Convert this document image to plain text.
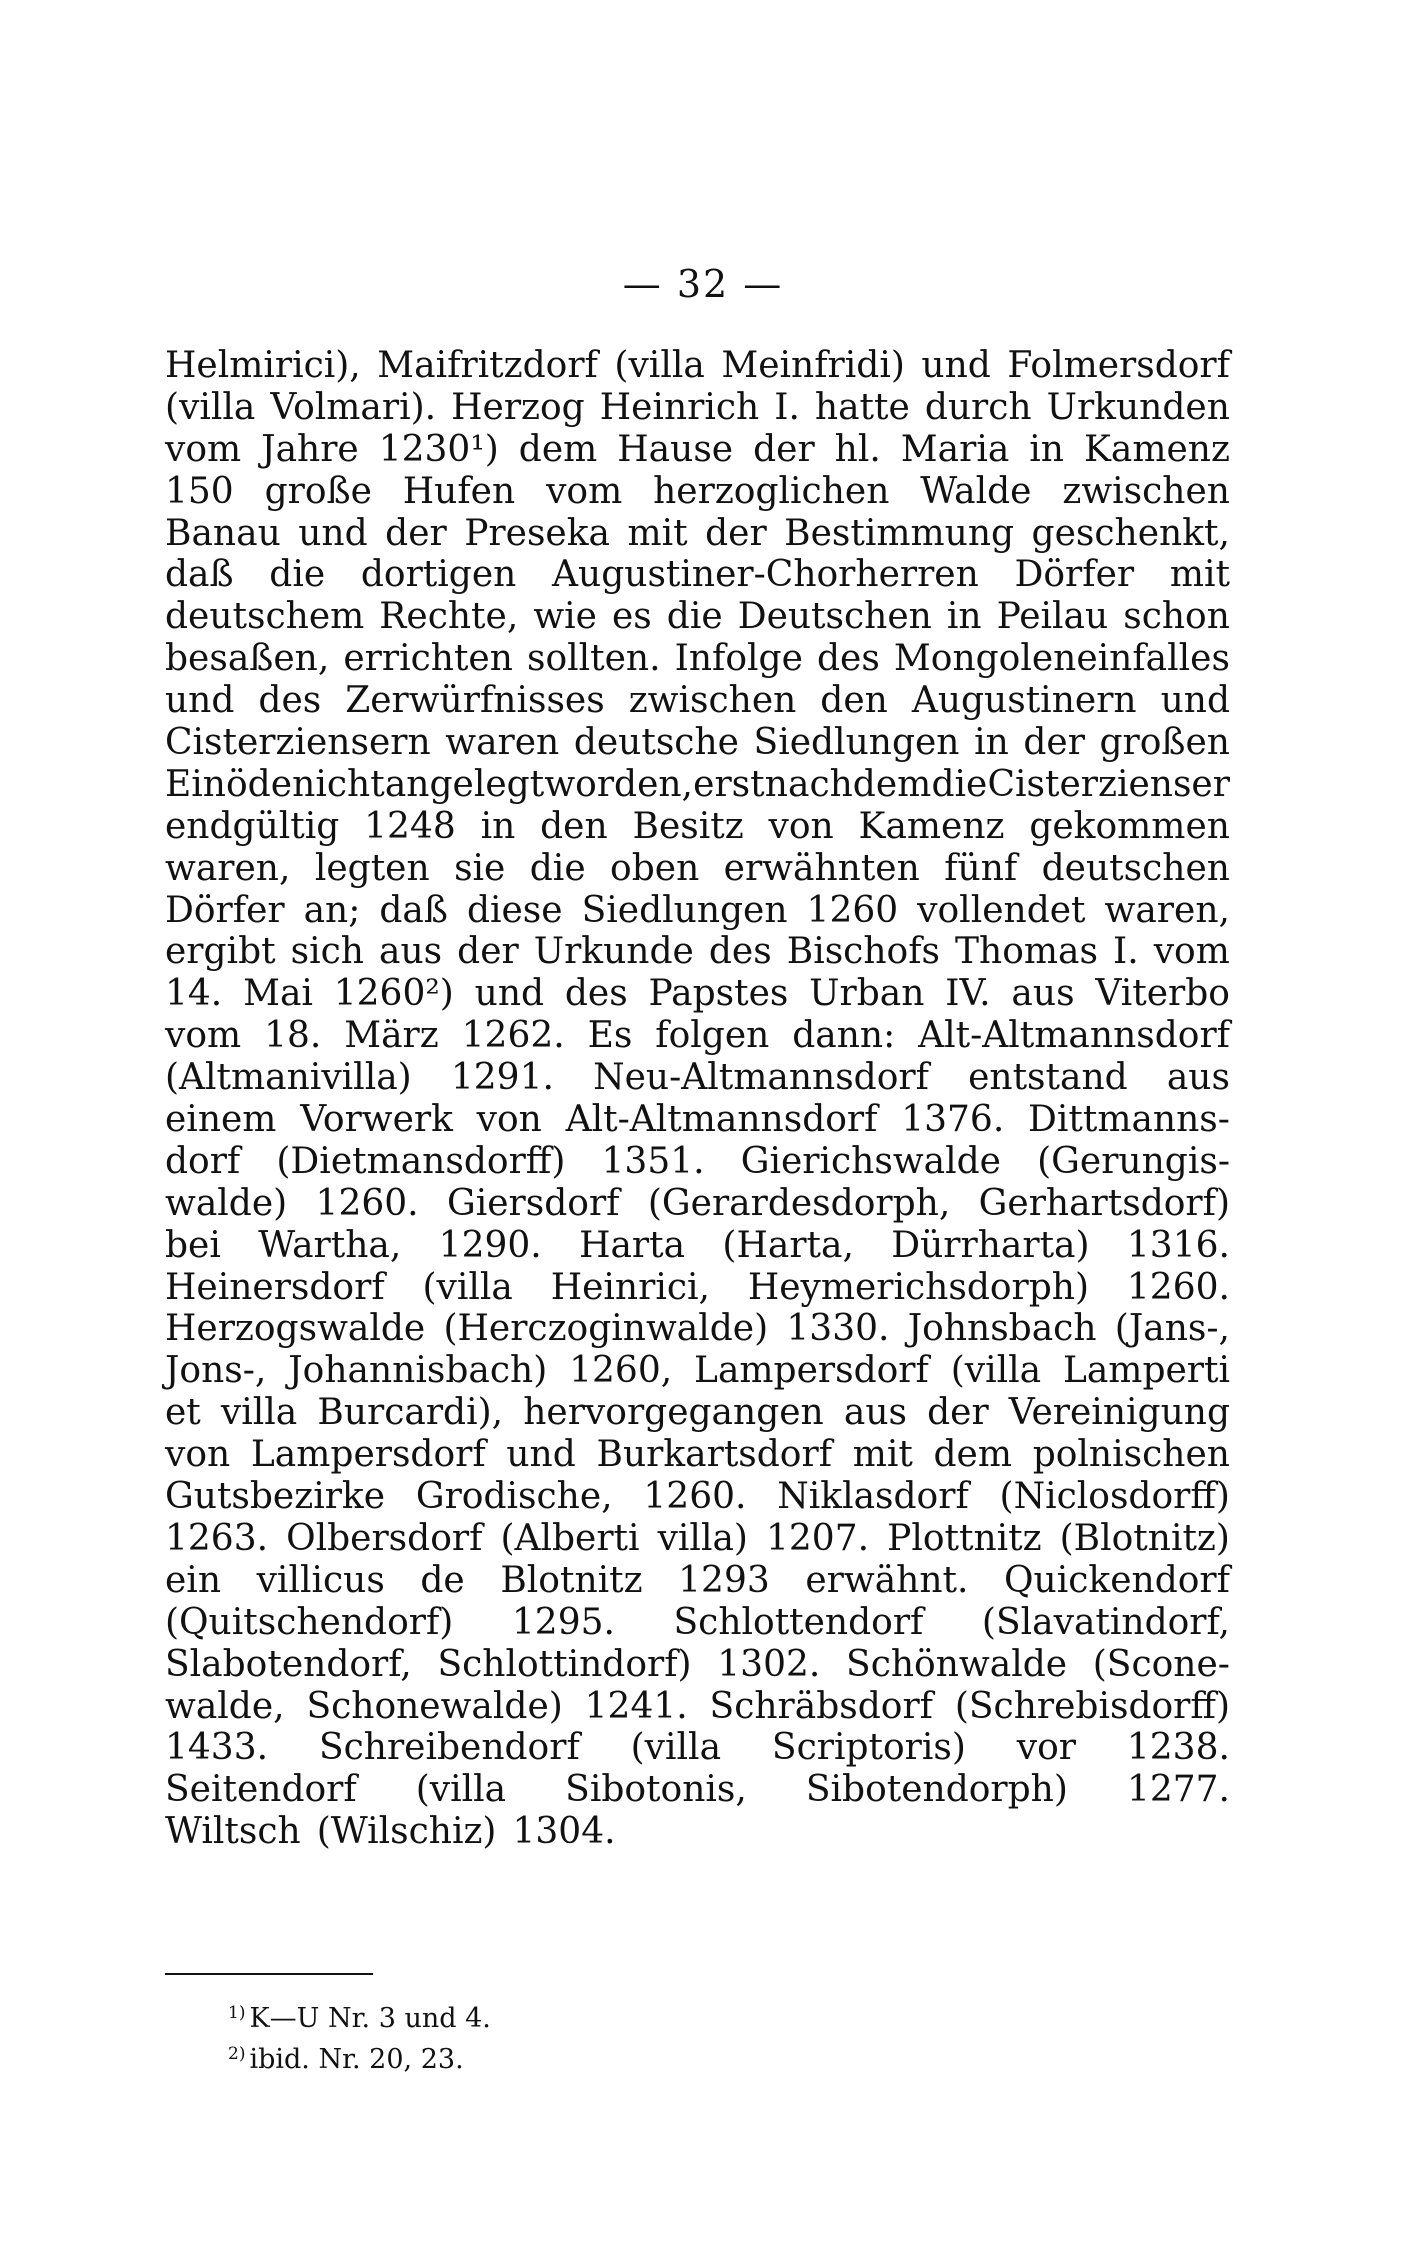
— 32 —
Helmirici), Maifritzdorf (villa Meinfridi) und Folmersdorf
(villa Volmari). Herzog Heinrich I. hatte durch Urkunden
vom Jahre 1230¹) dem Hause der hl. Maria in Kamenz
150 große Hufen vom herzoglichen Walde zwischen
Banau und der Preseka mit der Bestimmung geschenkt,
daß die dortigen Augustiner-Chorherren Dörfer mit
deutschem Rechte, wie es die Deutschen in Peilau schon
besaßen, errichten sollten. Infolge des Mongoleneinfalles
und des Zerwürfnisses zwischen den Augustinern und
Cisterziensern waren deutsche Siedlungen in der großen
Einöde nicht angelegt worden, erst nachdem die Cisterzienser
endgültig 1248 in den Besitz von Kamenz gekommen
waren, legten sie die oben erwähnten fünf deutschen
Dörfer an; daß diese Siedlungen 1260 vollendet waren,
ergibt sich aus der Urkunde des Bischofs Thomas I. vom
14. Mai 1260²) und des Papstes Urban IV. aus Viterbo
vom 18. März 1262. Es folgen dann: Alt-Altmannsdorf
(Altmanivilla) 1291. Neu-Altmannsdorf entstand aus
einem Vorwerk von Alt-Altmannsdorf 1376. Dittmanns-
dorf (Dietmansdorff) 1351. Gierichswalde (Gerungis-
walde) 1260. Giersdorf (Gerardesdorph, Gerhartsdorf)
bei Wartha, 1290. Harta (Harta, Dürrharta) 1316.
Heinersdorf (villa Heinrici, Heymerichsdorph) 1260.
Herzogswalde (Herczoginwalde) 1330. Johnsbach (Jans-,
Jons-, Johannisbach) 1260, Lampersdorf (villa Lamperti
et villa Burcardi), hervorgegangen aus der Vereinigung
von Lampersdorf und Burkartsdorf mit dem polnischen
Gutsbezirke Grodische, 1260. Niklasdorf (Niclosdorff)
1263. Olbersdorf (Alberti villa) 1207. Plottnitz (Blotnitz)
ein villicus de Blotnitz 1293 erwähnt. Quickendorf
(Quitschendorf) 1295. Schlottendorf (Slavatindorf,
Slabotendorf, Schlottindorf) 1302. Schönwalde (Scone-
walde, Schonewalde) 1241. Schräbsdorf (Schrebisdorff)
1433. Schreibendorf (villa Scriptoris) vor 1238.
Seitendorf (villa Sibotonis, Sibotendorph) 1277.
Wiltsch (Wilschiz) 1304.
$^{1)}$ K—U Nr. 3 und 4.
$^{2)}$ ibid. Nr. 20, 23.
